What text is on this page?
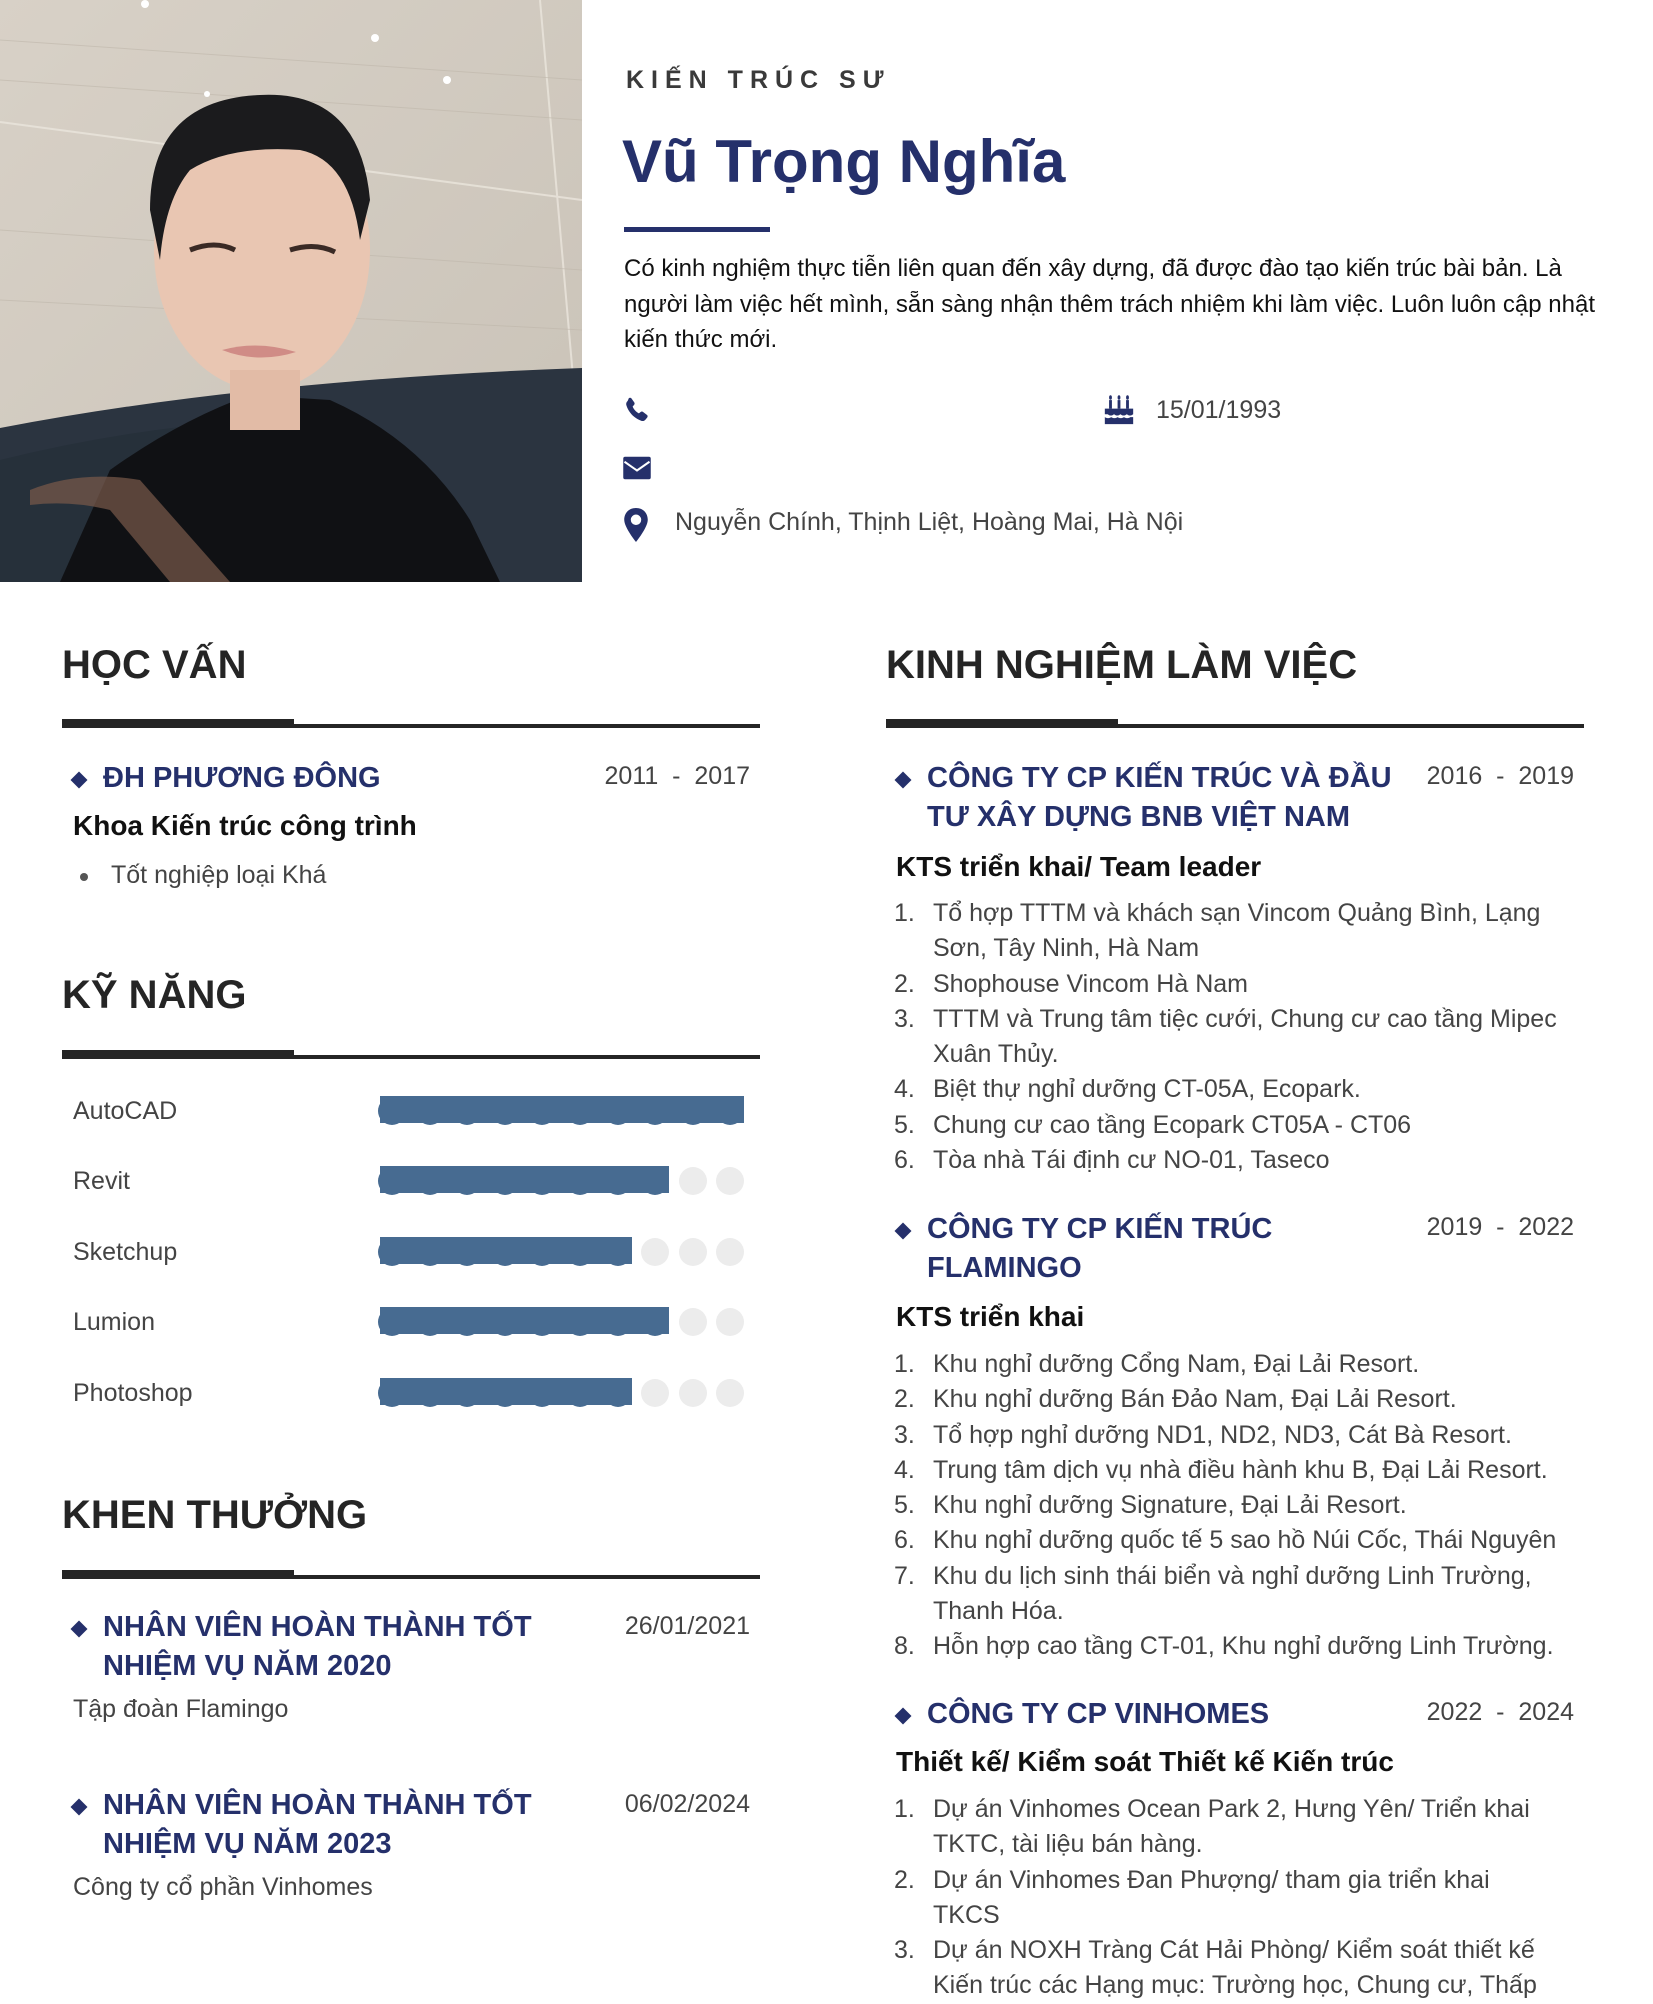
KIẾN TRÚC SƯ
Vũ Trọng Nghĩa
Có kinh nghiệm thực tiễn liên quan đến xây dựng, đã được đào tạo kiến trúc bài bản. Là người làm việc hết mình, sẵn sàng nhận thêm trách nhiệm khi làm việc. Luôn luôn cập nhật kiến thức mới.
15/01/1993
Nguyễn Chính, Thịnh Liệt, Hoàng Mai, Hà Nội
HỌC VẤN
ĐH PHƯƠNG ĐÔNG	2011  -  2017
Khoa Kiến trúc công trình
Tốt nghiệp loại Khá
KỸ NĂNG
AutoCAD
Revit
Sketchup
Lumion
Photoshop
KHEN THƯỞNG
NHÂN VIÊN HOÀN THÀNH TỐT
NHIỆM VỤ NĂM 2020
26/01/2021
Tập đoàn Flamingo
NHÂN VIÊN HOÀN THÀNH TỐT
NHIỆM VỤ NĂM 2023
06/02/2024
Công ty cổ phần Vinhomes
KINH NGHIỆM LÀM VIỆC
CÔNG TY CP KIẾN TRÚC VÀ ĐẦU
TƯ XÂY DỰNG BNB VIỆT NAM
2016  -  2019
KTS triển khai/ Team leader
1. Tổ hợp TTTM và khách sạn Vincom Quảng Bình, Lạng
Sơn, Tây Ninh, Hà Nam
2. Shophouse Vincom Hà Nam
3. TTTM và Trung tâm tiệc cưới, Chung cư cao tầng Mipec
Xuân Thủy.
4. Biệt thự nghỉ dưỡng CT-05A, Ecopark.
5. Chung cư cao tầng Ecopark CT05A - CT06
6. Tòa nhà Tái định cư NO-01, Taseco
CÔNG TY CP KIẾN TRÚC
FLAMINGO
2019  -  2022
KTS triển khai
1. Khu nghỉ dưỡng Cổng Nam, Đại Lải Resort.
2. Khu nghỉ dưỡng Bán Đảo Nam, Đại Lải Resort.
3. Tổ hợp nghỉ dưỡng ND1, ND2, ND3, Cát Bà Resort.
4. Trung tâm dịch vụ nhà điều hành khu B, Đại Lải Resort.
5. Khu nghỉ dưỡng Signature, Đại Lải Resort.
6. Khu nghỉ dưỡng quốc tế 5 sao hồ Núi Cốc, Thái Nguyên
7. Khu du lịch sinh thái biển và nghỉ dưỡng Linh Trường,
Thanh Hóa.
8. Hỗn hợp cao tầng CT-01, Khu nghỉ dưỡng Linh Trường.
CÔNG TY CP VINHOMES	2022  -  2024
Thiết kế/ Kiểm soát Thiết kế Kiến trúc
1. Dự án Vinhomes Ocean Park 2, Hưng Yên/ Triển khai
TKTC, tài liệu bán hàng.
2. Dự án Vinhomes Đan Phượng/ tham gia triển khai
TKCS
3. Dự án NOXH Tràng Cát Hải Phòng/ Kiểm soát thiết kế
Kiến trúc các Hạng mục: Trường học, Chung cư, Thấp
